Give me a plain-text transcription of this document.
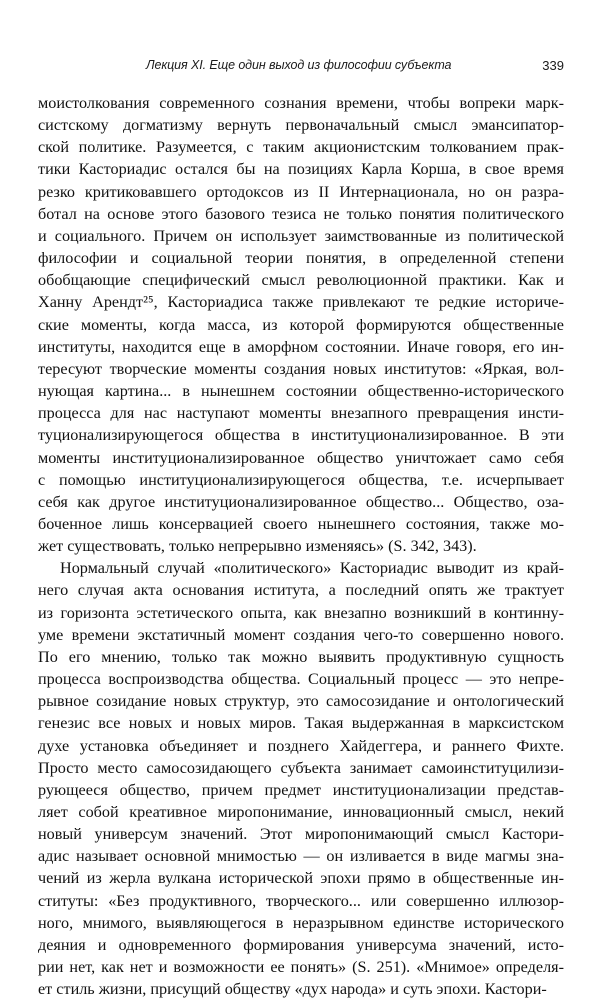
Лекция XI. Еще один выход из философии субъекта	339
моистолкования современного сознания времени, чтобы вопреки марк-
систскому догматизму вернуть первоначальный смысл эмансипатор-
ской политике. Разумеется, с таким акционистским толкованием прак-
тики Касториадис остался бы на позициях Карла Корша, в свое время
резко критиковавшего ортодоксов из II Интернационала, но он разра-
ботал на основе этого базового тезиса не только понятия политического
и социального. Причем он использует заимствованные из политической
философии и социальной теории понятия, в определенной степени
обобщающие специфический смысл революционной практики. Как и
Ханну Арендт²⁵, Касториадиса также привлекают те редкие историче-
ские моменты, когда масса, из которой формируются общественные
институты, находится еще в аморфном состоянии. Иначе говоря, его ин-
тересуют творческие моменты создания новых институтов: «Яркая, вол-
нующая картина... в нынешнем состоянии общественно-исторического
процесса для нас наступают моменты внезапного превращения инсти-
туционализирующегося общества в институционализированное. В эти
моменты институционализированное общество уничтожает само себя
с помощью институционализирующегося общества, т.е. исчерпывает
себя как другое институционализированное общество... Общество, оза-
боченное лишь консервацией своего нынешнего состояния, также мо-
жет существовать, только непрерывно изменяясь» (S. 342, 343).
Нормальный случай «политического» Касториадис выводит из край-
него случая акта основания иститута, а последний опять же трактует
из горизонта эстетического опыта, как внезапно возникший в континну-
уме времени экстатичный момент создания чего-то совершенно нового.
По его мнению, только так можно выявить продуктивную сущность
процесса воспроизводства общества. Социальный процесс — это непре-
рывное созидание новых структур, это самосозидание и онтологический
генезис все новых и новых миров. Такая выдержанная в марксистском
духе установка объединяет и позднего Хайдеггера, и раннего Фихте.
Просто место самосозидающего субъекта занимает самоинституцилизи-
рующееся общество, причем предмет институционализации представ-
ляет собой креативное миропонимание, инновационный смысл, некий
новый универсум значений. Этот миропонимающий смысл Кастори-
адис называет основной мнимостью — он изливается в виде магмы зна-
чений из жерла вулкана исторической эпохи прямо в общественные ин-
ституты: «Без продуктивного, творческого... или совершенно иллюзор-
ного, мнимого, выявляющегося в неразрывном единстве исторического
деяния и одновременного формирования универсума значений, исто-
рии нет, как нет и возможности ее понять» (S. 251). «Мнимое» определя-
ет стиль жизни, присущий обществу «дух народа» и суть эпохи. Кастори-
